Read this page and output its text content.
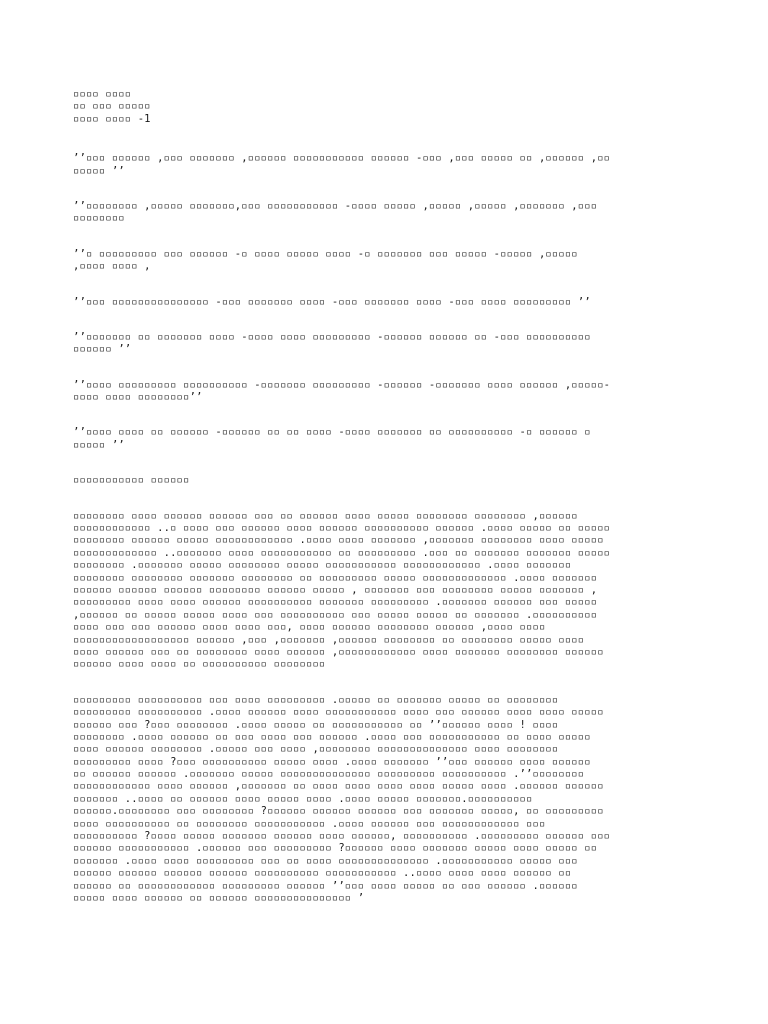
▫▫▫▫ ▫▫▫▫
▫▫ ▫▫▫ ▫▫▫▫▫
▫▫▫▫ ▫▫▫▫ -1
’’▫▫▫ ▫▫▫▫▫▫ ,▫▫▫ ▫▫▫▫▫▫▫ ,▫▫▫▫▫▫ ▫▫▫▫▫▫▫▫▫▫▫ ▫▫▫▫▫▫ -▫▫▫ ,▫▫▫ ▫▫▫▫▫ ▫▫ ,▫▫▫▫▫▫ ,▫▫
▫▫▫▫▫ ’’
’’▫▫▫▫▫▫▫▫ ,▫▫▫▫▫ ▫▫▫▫▫▫▫,▫▫▫ ▫▫▫▫▫▫▫▫▫▫▫ -▫▫▫▫ ▫▫▫▫▫ ,▫▫▫▫▫ ,▫▫▫▫▫ ,▫▫▫▫▫▫▫ ,▫▫▫
▫▫▫▫▫▫▫▫
’’▫ ▫▫▫▫▫▫▫▫▫ ▫▫▫ ▫▫▫▫▫▫ -▫ ▫▫▫▫ ▫▫▫▫▫ ▫▫▫▫ -▫ ▫▫▫▫▫▫▫ ▫▫▫ ▫▫▫▫▫ -▫▫▫▫▫ ,▫▫▫▫▫
,▫▫▫▫ ▫▫▫▫ ,
’’▫▫▫ ▫▫▫▫▫▫▫▫▫▫▫▫▫▫▫ -▫▫▫ ▫▫▫▫▫▫▫ ▫▫▫▫ -▫▫▫ ▫▫▫▫▫▫▫ ▫▫▫▫ -▫▫▫ ▫▫▫▫ ▫▫▫▫▫▫▫▫▫ ’’
’’▫▫▫▫▫▫▫ ▫▫ ▫▫▫▫▫▫▫ ▫▫▫▫ -▫▫▫▫ ▫▫▫▫ ▫▫▫▫▫▫▫▫▫ -▫▫▫▫▫▫ ▫▫▫▫▫▫ ▫▫ -▫▫▫ ▫▫▫▫▫▫▫▫▫▫
▫▫▫▫▫▫ ’’
’’▫▫▫▫ ▫▫▫▫▫▫▫▫▫ ▫▫▫▫▫▫▫▫▫▫ -▫▫▫▫▫▫▫ ▫▫▫▫▫▫▫▫▫ -▫▫▫▫▫▫ -▫▫▫▫▫▫▫ ▫▫▫▫ ▫▫▫▫▫▫ ,▫▫▫▫▫-
▫▫▫▫ ▫▫▫▫ ▫▫▫▫▫▫▫▫’’
’’▫▫▫▫ ▫▫▫▫ ▫▫ ▫▫▫▫▫▫ -▫▫▫▫▫▫ ▫▫ ▫▫ ▫▫▫▫ -▫▫▫▫ ▫▫▫▫▫▫▫ ▫▫ ▫▫▫▫▫▫▫▫▫▫ -▫ ▫▫▫▫▫▫ ▫
▫▫▫▫▫ ’’
▫▫▫▫▫▫▫▫▫▫▫ ▫▫▫▫▫▫
▫▫▫▫▫▫▫▫ ▫▫▫▫ ▫▫▫▫▫▫ ▫▫▫▫▫▫ ▫▫▫ ▫▫ ▫▫▫▫▫▫ ▫▫▫▫ ▫▫▫▫▫ ▫▫▫▫▫▫▫▫ ▫▫▫▫▫▫▫▫ ,▫▫▫▫▫▫
▫▫▫▫▫▫▫▫▫▫▫▫ ..▫ ▫▫▫▫ ▫▫▫ ▫▫▫▫▫▫ ▫▫▫▫ ▫▫▫▫▫▫ ▫▫▫▫▫▫▫▫▫▫ ▫▫▫▫▫▫ .▫▫▫▫ ▫▫▫▫▫ ▫▫ ▫▫▫▫▫
▫▫▫▫▫▫▫▫ ▫▫▫▫▫▫ ▫▫▫▫▫ ▫▫▫▫▫▫▫▫▫▫▫▫ .▫▫▫▫ ▫▫▫▫ ▫▫▫▫▫▫▫ ,▫▫▫▫▫▫▫ ▫▫▫▫▫▫▫▫ ▫▫▫▫ ▫▫▫▫▫
▫▫▫▫▫▫▫▫▫▫▫▫▫ ..▫▫▫▫▫▫▫ ▫▫▫▫ ▫▫▫▫▫▫▫▫▫▫▫ ▫▫ ▫▫▫▫▫▫▫▫▫ .▫▫▫ ▫▫ ▫▫▫▫▫▫▫ ▫▫▫▫▫▫▫ ▫▫▫▫▫
▫▫▫▫▫▫▫▫ .▫▫▫▫▫▫▫ ▫▫▫▫▫ ▫▫▫▫▫▫▫▫ ▫▫▫▫▫ ▫▫▫▫▫▫▫▫▫▫▫ ▫▫▫▫▫▫▫▫▫▫▫▫ .▫▫▫▫ ▫▫▫▫▫▫▫
▫▫▫▫▫▫▫▫ ▫▫▫▫▫▫▫▫ ▫▫▫▫▫▫▫ ▫▫▫▫▫▫▫▫ ▫▫ ▫▫▫▫▫▫▫▫▫ ▫▫▫▫▫ ▫▫▫▫▫▫▫▫▫▫▫▫▫ .▫▫▫▫ ▫▫▫▫▫▫▫
▫▫▫▫▫▫ ▫▫▫▫▫▫ ▫▫▫▫▫▫ ▫▫▫▫▫▫▫▫ ▫▫▫▫▫▫ ▫▫▫▫▫ , ▫▫▫▫▫▫▫ ▫▫▫ ▫▫▫▫▫▫▫▫ ▫▫▫▫▫ ▫▫▫▫▫▫▫ ,
▫▫▫▫▫▫▫▫▫ ▫▫▫▫ ▫▫▫▫ ▫▫▫▫▫▫ ▫▫▫▫▫▫▫▫▫▫ ▫▫▫▫▫▫▫ ▫▫▫▫▫▫▫▫▫ .▫▫▫▫▫▫▫ ▫▫▫▫▫▫ ▫▫▫ ▫▫▫▫▫
,▫▫▫▫▫▫ ▫▫ ▫▫▫▫▫ ▫▫▫▫▫ ▫▫▫▫ ▫▫▫ ▫▫▫▫▫▫▫▫▫▫ ▫▫▫ ▫▫▫▫▫ ▫▫▫▫▫ ▫▫ ▫▫▫▫▫▫▫ .▫▫▫▫▫▫▫▫▫▫
▫▫▫▫ ▫▫▫ ▫▫▫ ▫▫▫▫▫▫ ▫▫▫▫ ▫▫▫▫ ▫▫▫, ▫▫▫▫ ▫▫▫▫▫▫ ▫▫▫▫▫▫▫▫ ▫▫▫▫▫▫ ,▫▫▫▫ ▫▫▫▫
▫▫▫▫▫▫▫▫▫▫▫▫▫▫▫▫▫▫ ▫▫▫▫▫▫ ,▫▫▫ ,▫▫▫▫▫▫▫ ,▫▫▫▫▫▫ ▫▫▫▫▫▫▫▫ ▫▫ ▫▫▫▫▫▫▫▫ ▫▫▫▫▫ ▫▫▫▫
▫▫▫▫ ▫▫▫▫▫▫ ▫▫▫ ▫▫ ▫▫▫▫▫▫▫▫ ▫▫▫▫ ▫▫▫▫▫▫ ,▫▫▫▫▫▫▫▫▫▫▫▫ ▫▫▫▫ ▫▫▫▫▫▫▫ ▫▫▫▫▫▫▫▫ ▫▫▫▫▫▫
▫▫▫▫▫▫ ▫▫▫▫ ▫▫▫▫ ▫▫ ▫▫▫▫▫▫▫▫▫▫ ▫▫▫▫▫▫▫▫
▫▫▫▫▫▫▫▫▫ ▫▫▫▫▫▫▫▫▫▫ ▫▫▫ ▫▫▫▫ ▫▫▫▫▫▫▫▫▫ .▫▫▫▫▫ ▫▫ ▫▫▫▫▫▫▫ ▫▫▫▫▫ ▫▫ ▫▫▫▫▫▫▫▫
▫▫▫▫▫▫▫▫▫ ▫▫▫▫▫▫▫▫▫▫ .▫▫▫▫ ▫▫▫▫▫▫ ▫▫▫▫ ▫▫▫▫▫▫▫▫▫▫▫ ▫▫▫▫ ▫▫▫ ▫▫▫▫▫▫ ▫▫▫▫ ▫▫▫▫ ▫▫▫▫▫
▫▫▫▫▫▫ ▫▫▫ ?▫▫▫ ▫▫▫▫▫▫▫▫ .▫▫▫▫ ▫▫▫▫▫ ▫▫ ▫▫▫▫▫▫▫▫▫▫▫ ▫▫ ’’▫▫▫▫▫▫ ▫▫▫▫ ! ▫▫▫▫
▫▫▫▫▫▫▫▫ .▫▫▫▫ ▫▫▫▫▫▫ ▫▫ ▫▫▫ ▫▫▫▫ ▫▫▫ ▫▫▫▫▫▫ .▫▫▫▫ ▫▫▫ ▫▫▫▫▫▫▫▫▫▫▫ ▫▫ ▫▫▫▫ ▫▫▫▫▫
▫▫▫▫ ▫▫▫▫▫▫ ▫▫▫▫▫▫▫▫ .▫▫▫▫▫ ▫▫▫ ▫▫▫▫ ,▫▫▫▫▫▫▫▫ ▫▫▫▫▫▫▫▫▫▫▫▫▫▫ ▫▫▫▫ ▫▫▫▫▫▫▫▫
▫▫▫▫▫▫▫▫▫ ▫▫▫▫ ?▫▫▫ ▫▫▫▫▫▫▫▫▫▫ ▫▫▫▫▫ ▫▫▫▫ .▫▫▫▫ ▫▫▫▫▫▫▫ ’’▫▫▫ ▫▫▫▫▫▫ ▫▫▫▫ ▫▫▫▫▫▫
▫▫ ▫▫▫▫▫▫ ▫▫▫▫▫▫ .▫▫▫▫▫▫▫ ▫▫▫▫▫ ▫▫▫▫▫▫▫▫▫▫▫▫▫▫ ▫▫▫▫▫▫▫▫▫ ▫▫▫▫▫▫▫▫▫▫ .’’▫▫▫▫▫▫▫▫
▫▫▫▫▫▫▫▫▫▫▫▫ ▫▫▫▫ ▫▫▫▫▫▫ ,▫▫▫▫▫▫▫ ▫▫ ▫▫▫▫ ▫▫▫▫ ▫▫▫▫ ▫▫▫▫ ▫▫▫▫▫ ▫▫▫▫ .▫▫▫▫▫▫ ▫▫▫▫▫▫
▫▫▫▫▫▫▫ ..▫▫▫▫ ▫▫ ▫▫▫▫▫▫ ▫▫▫▫ ▫▫▫▫▫ ▫▫▫▫ .▫▫▫▫ ▫▫▫▫▫ ▫▫▫▫▫▫▫.▫▫▫▫▫▫▫▫▫▫
▫▫▫▫▫▫.▫▫▫▫▫▫▫▫ ▫▫▫ ▫▫▫▫▫▫▫▫ ?▫▫▫▫▫▫ ▫▫▫▫▫▫ ▫▫▫▫▫▫ ▫▫▫ ▫▫▫▫▫▫▫ ▫▫▫▫▫, ▫▫ ▫▫▫▫▫▫▫▫▫
▫▫▫▫ ▫▫▫▫▫▫▫▫▫▫ ▫▫ ▫▫▫▫▫▫▫▫ ▫▫▫▫▫▫▫▫▫▫▫ .▫▫▫▫ ▫▫▫▫▫▫ ▫▫▫ ▫▫▫▫▫▫▫▫▫▫▫▫ ▫▫▫
▫▫▫▫▫▫▫▫▫▫ ?▫▫▫▫ ▫▫▫▫▫ ▫▫▫▫▫▫▫ ▫▫▫▫▫▫ ▫▫▫▫ ▫▫▫▫▫▫, ▫▫▫▫▫▫▫▫▫▫ .▫▫▫▫▫▫▫▫▫ ▫▫▫▫▫▫ ▫▫▫
▫▫▫▫▫▫ ▫▫▫▫▫▫▫▫▫▫▫ .▫▫▫▫▫▫ ▫▫▫ ▫▫▫▫▫▫▫▫▫ ?▫▫▫▫▫▫ ▫▫▫▫ ▫▫▫▫▫▫▫ ▫▫▫▫▫ ▫▫▫▫ ▫▫▫▫▫ ▫▫
▫▫▫▫▫▫▫ .▫▫▫▫ ▫▫▫▫ ▫▫▫▫▫▫▫▫▫ ▫▫▫ ▫▫ ▫▫▫▫ ▫▫▫▫▫▫▫▫▫▫▫▫▫▫ .▫▫▫▫▫▫▫▫▫▫▫ ▫▫▫▫▫ ▫▫▫
▫▫▫▫▫▫ ▫▫▫▫▫▫ ▫▫▫▫▫▫ ▫▫▫▫▫▫ ▫▫▫▫▫▫▫▫▫▫ ▫▫▫▫▫▫▫▫▫▫▫ ..▫▫▫▫ ▫▫▫▫ ▫▫▫▫ ▫▫▫▫▫▫ ▫▫
▫▫▫▫▫▫ ▫▫ ▫▫▫▫▫▫▫▫▫▫▫▫ ▫▫▫▫▫▫▫▫▫ ▫▫▫▫▫▫ ’’▫▫▫ ▫▫▫▫ ▫▫▫▫▫ ▫▫ ▫▫▫ ▫▫▫▫▫▫ .▫▫▫▫▫▫
▫▫▫▫▫ ▫▫▫▫ ▫▫▫▫▫▫ ▫▫ ▫▫▫▫▫▫ ▫▫▫▫▫▫▫▫▫▫▫▫▫▫▫ ’
